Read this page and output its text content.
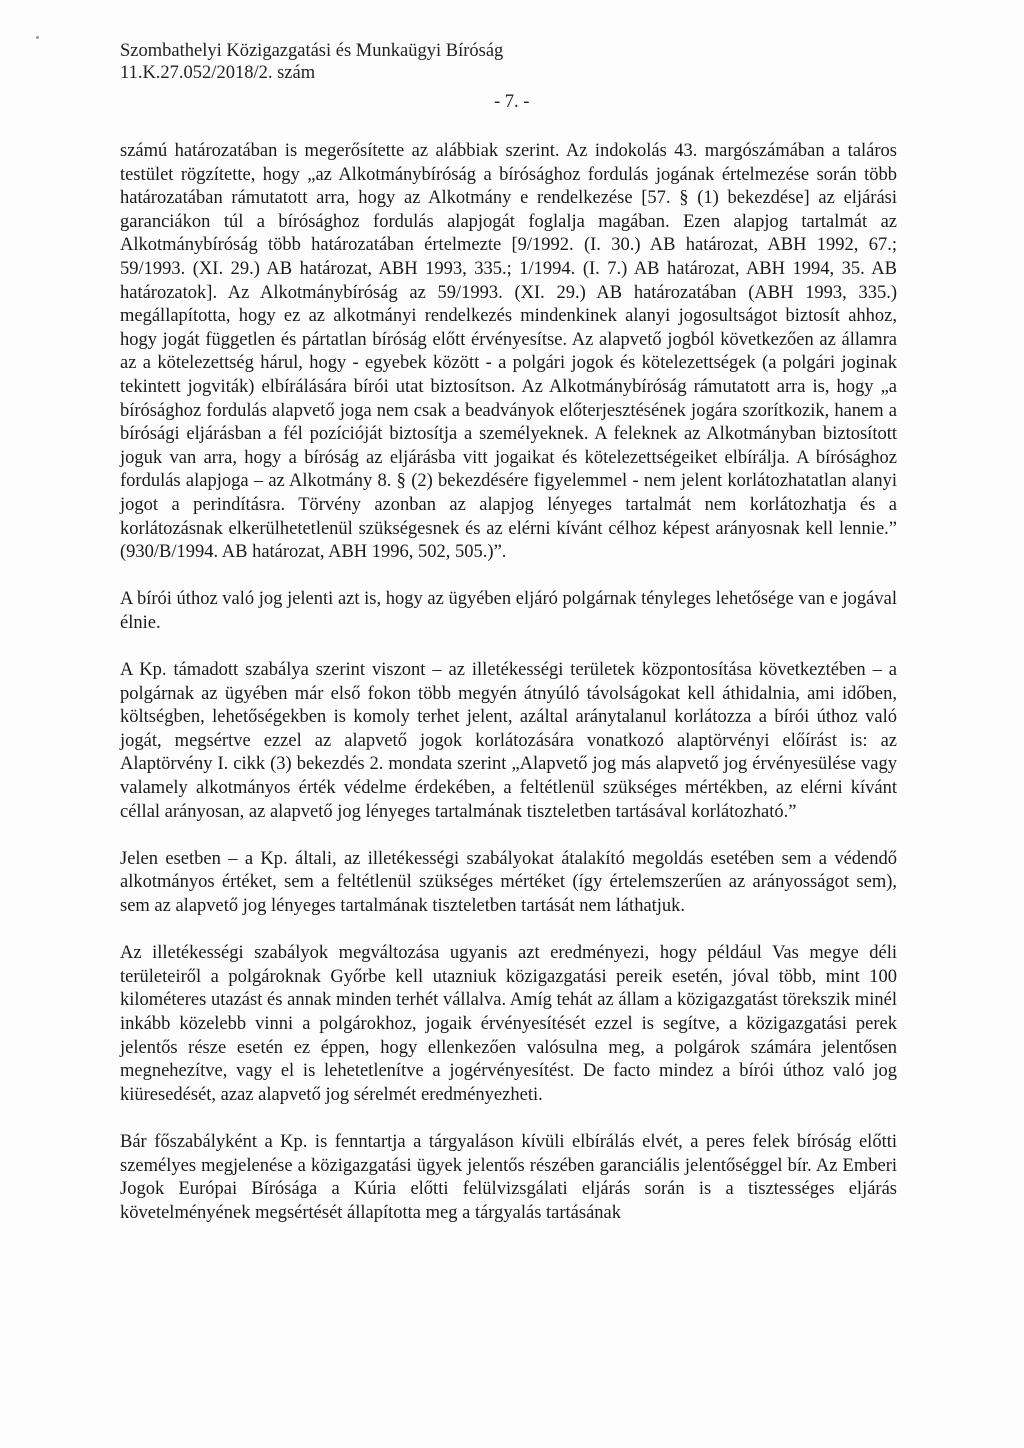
Szombathelyi Közigazgatási és Munkaügyi Bíróság
11.K.27.052/2018/2. szám
- 7. -

számú határozatában is megerősítette az alábbiak szerint. Az indokolás 43. margószámában a taláros testület rögzítette, hogy „az Alkotmánybíróság a bírósághoz fordulás jogának értelmezése során több határozatában rámutatott arra, hogy az Alkotmány e rendelkezése [57. § (1) bekezdése] az eljárási garanciákon túl a bírósághoz fordulás alapjogát foglalja magában. Ezen alapjog tartalmát az Alkotmánybíróság több határozatában értelmezte [9/1992. (I. 30.) AB határozat, ABH 1992, 67.; 59/1993. (XI. 29.) AB határozat, ABH 1993, 335.; 1/1994. (I. 7.) AB határozat, ABH 1994, 35. AB határozatok]. Az Alkotmánybíróság az 59/1993. (XI. 29.) AB határozatában (ABH 1993, 335.) megállapította, hogy ez az alkotmányi rendelkezés mindenkinek alanyi jogosultságot biztosít ahhoz, hogy jogát független és pártatlan bíróság előtt érvényesítse. Az alapvető jogból következően az államra az a kötelezettség hárul, hogy - egyebek között - a polgári jogok és kötelezettségek (a polgári joginak tekintett jogviták) elbírálására bírói utat biztosítson. Az Alkotmánybíróság rámutatott arra is, hogy „a bírósághoz fordulás alapvető joga nem csak a beadványok előterjesztésének jogára szorítkozik, hanem a bírósági eljárásban a fél pozícióját biztosítja a személyeknek. A feleknek az Alkotmányban biztosított joguk van arra, hogy a bíróság az eljárásba vitt jogaikat és kötelezettségeiket elbírálja. A bírósághoz fordulás alapjoga – az Alkotmány 8. § (2) bekezdésére figyelemmel - nem jelent korlátozhatatlan alanyi jogot a perindításra. Törvény azonban az alapjog lényeges tartalmát nem korlátozhatja és a korlátozásnak elkerülhetetlenül szükségesnek és az elérni kívánt célhoz képest arányosnak kell lennie.” (930/B/1994. AB határozat, ABH 1996, 502, 505.)”.

A bírói úthoz való jog jelenti azt is, hogy az ügyében eljáró polgárnak tényleges lehetősége van e jogával élnie.

A Kp. támadott szabálya szerint viszont – az illetékességi területek központosítása következtében – a polgárnak az ügyében már első fokon több megyén átnyúló távolságokat kell áthidalnia, ami időben, költségben, lehetőségekben is komoly terhet jelent, azáltal aránytalanul korlátozza a bírói úthoz való jogát, megsértve ezzel az alapvető jogok korlátozására vonatkozó alaptörvényi előírást is: az Alaptörvény I. cikk (3) bekezdés 2. mondata szerint „Alapvető jog más alapvető jog érvényesülése vagy valamely alkotmányos érték védelme érdekében, a feltétlenül szükséges mértékben, az elérni kívánt céllal arányosan, az alapvető jog lényeges tartalmának tiszteletben tartásával korlátozható.”

Jelen esetben – a Kp. általi, az illetékességi szabályokat átalakító megoldás esetében sem a védendő alkotmányos értéket, sem a feltétlenül szükséges mértéket (így értelemszerűen az arányosságot sem), sem az alapvető jog lényeges tartalmának tiszteletben tartását nem láthatjuk.

Az illetékességi szabályok megváltozása ugyanis azt eredményezi, hogy például Vas megye déli területeiről a polgároknak Győrbe kell utazniuk közigazgatási pereik esetén, jóval több, mint 100 kilométeres utazást és annak minden terhét vállalva. Amíg tehát az állam a közigazgatást törekszik minél inkább közelebb vinni a polgárokhoz, jogaik érvényesítését ezzel is segítve, a közigazgatási perek jelentős része esetén ez éppen, hogy ellenkezően valósulna meg, a polgárok számára jelentősen megnehezítve, vagy el is lehetetlenítve a jogérvényesítést. De facto mindez a bírói úthoz való jog kiüresedését, azaz alapvető jog sérelmét eredményezheti.

Bár főszabályként a Kp. is fenntartja a tárgyaláson kívüli elbírálás elvét, a peres felek bíróság előtti személyes megjelenése a közigazgatási ügyek jelentős részében garanciális jelentőséggel bír. Az Emberi Jogok Európai Bírósága a Kúria előtti felülvizsgálati eljárás során is a tisztességes eljárás követelményének megsértését állapította meg a tárgyalás tartásának
